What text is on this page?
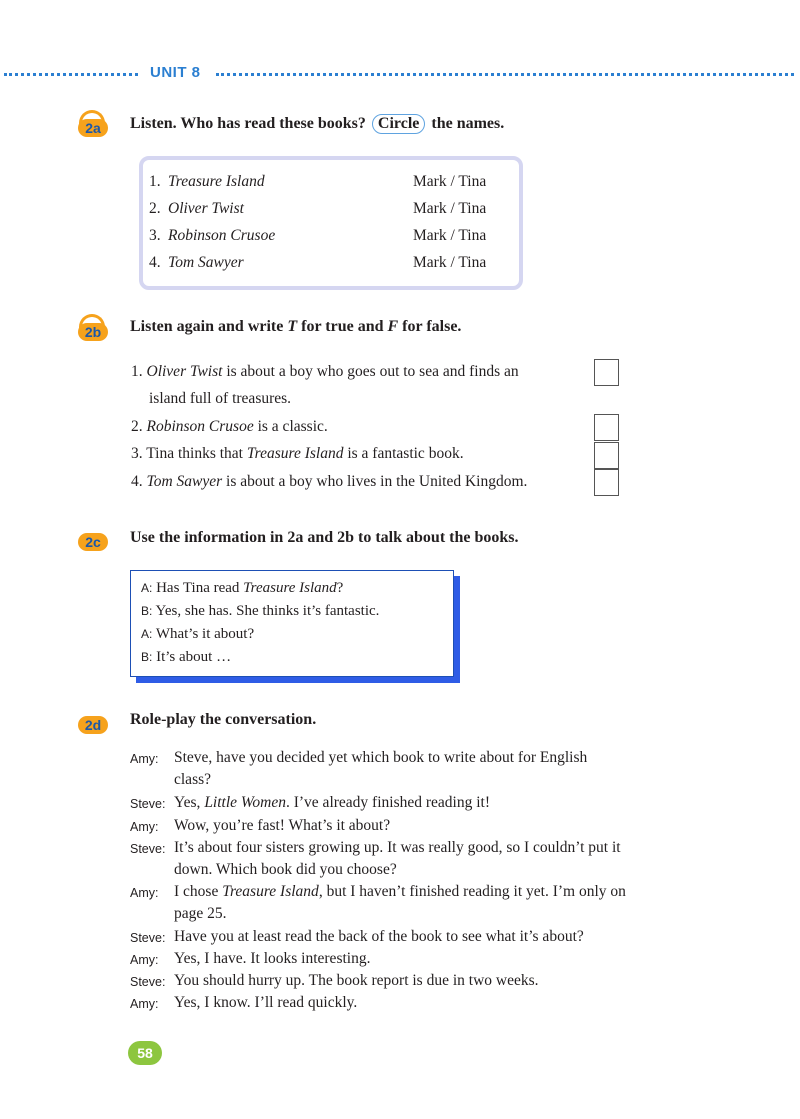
UNIT 8
2a	Listen. Who has read these books? Circle the names.
1. Treasure Island	Mark / Tina
2. Oliver Twist	Mark / Tina
3. Robinson Crusoe	Mark / Tina
4. Tom Sawyer	Mark / Tina
2b	Listen again and write T for true and F for false.
1. Oliver Twist is about a boy who goes out to sea and finds an
island full of treasures.
2. Robinson Crusoe is a classic.
3. Tina thinks that Treasure Island is a fantastic book.
4. Tom Sawyer is about a boy who lives in the United Kingdom.
2c	Use the information in 2a and 2b to talk about the books.
A: Has Tina read Treasure Island?
B: Yes, she has. She thinks it’s fantastic.
A: What’s it about?
B: It’s about …
2d	Role-play the conversation.
Amy: Steve, have you decided yet which book to write about for English
class?
Steve: Yes, Little Women. I’ve already finished reading it!
Amy: Wow, you’re fast! What’s it about?
Steve: It’s about four sisters growing up. It was really good, so I couldn’t put it
down. Which book did you choose?
Amy: I chose Treasure Island, but I haven’t finished reading it yet. I’m only on
page 25.
Steve: Have you at least read the back of the book to see what it’s about?
Amy: Yes, I have. It looks interesting.
Steve: You should hurry up. The book report is due in two weeks.
Amy: Yes, I know. I’ll read quickly.
58
